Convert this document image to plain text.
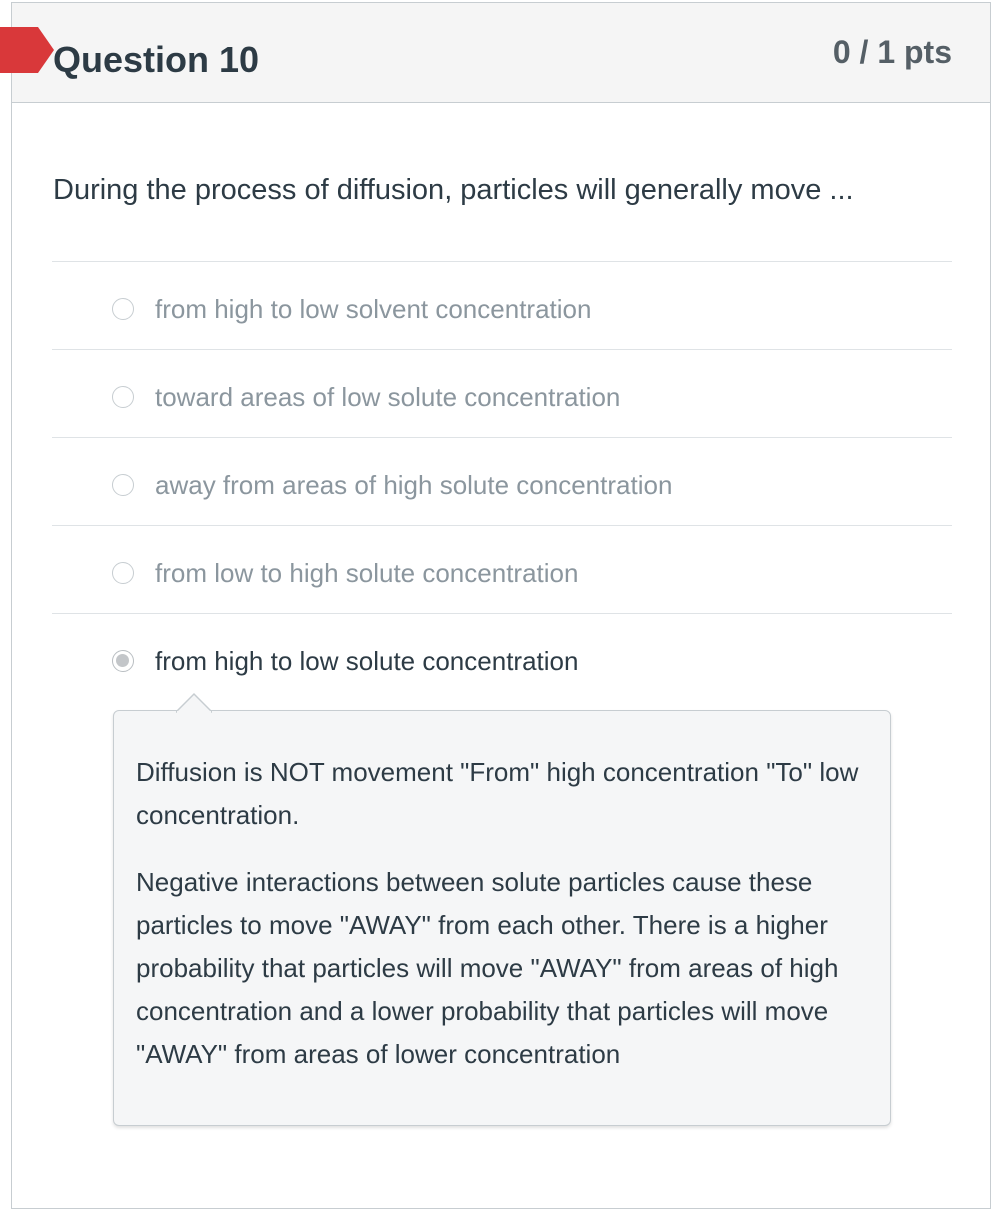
Question 10	0 / 1 pts

During the process of diffusion, particles will generally move ...

from high to low solvent concentration
toward areas of low solute concentration
away from areas of high solute concentration
from low to high solute concentration
from high to low solute concentration

Diffusion is NOT movement "From" high concentration "To" low concentration.

Negative interactions between solute particles cause these particles to move "AWAY" from each other. There is a higher probability that particles will move "AWAY" from areas of high concentration and a lower probability that particles will move "AWAY" from areas of lower concentration
